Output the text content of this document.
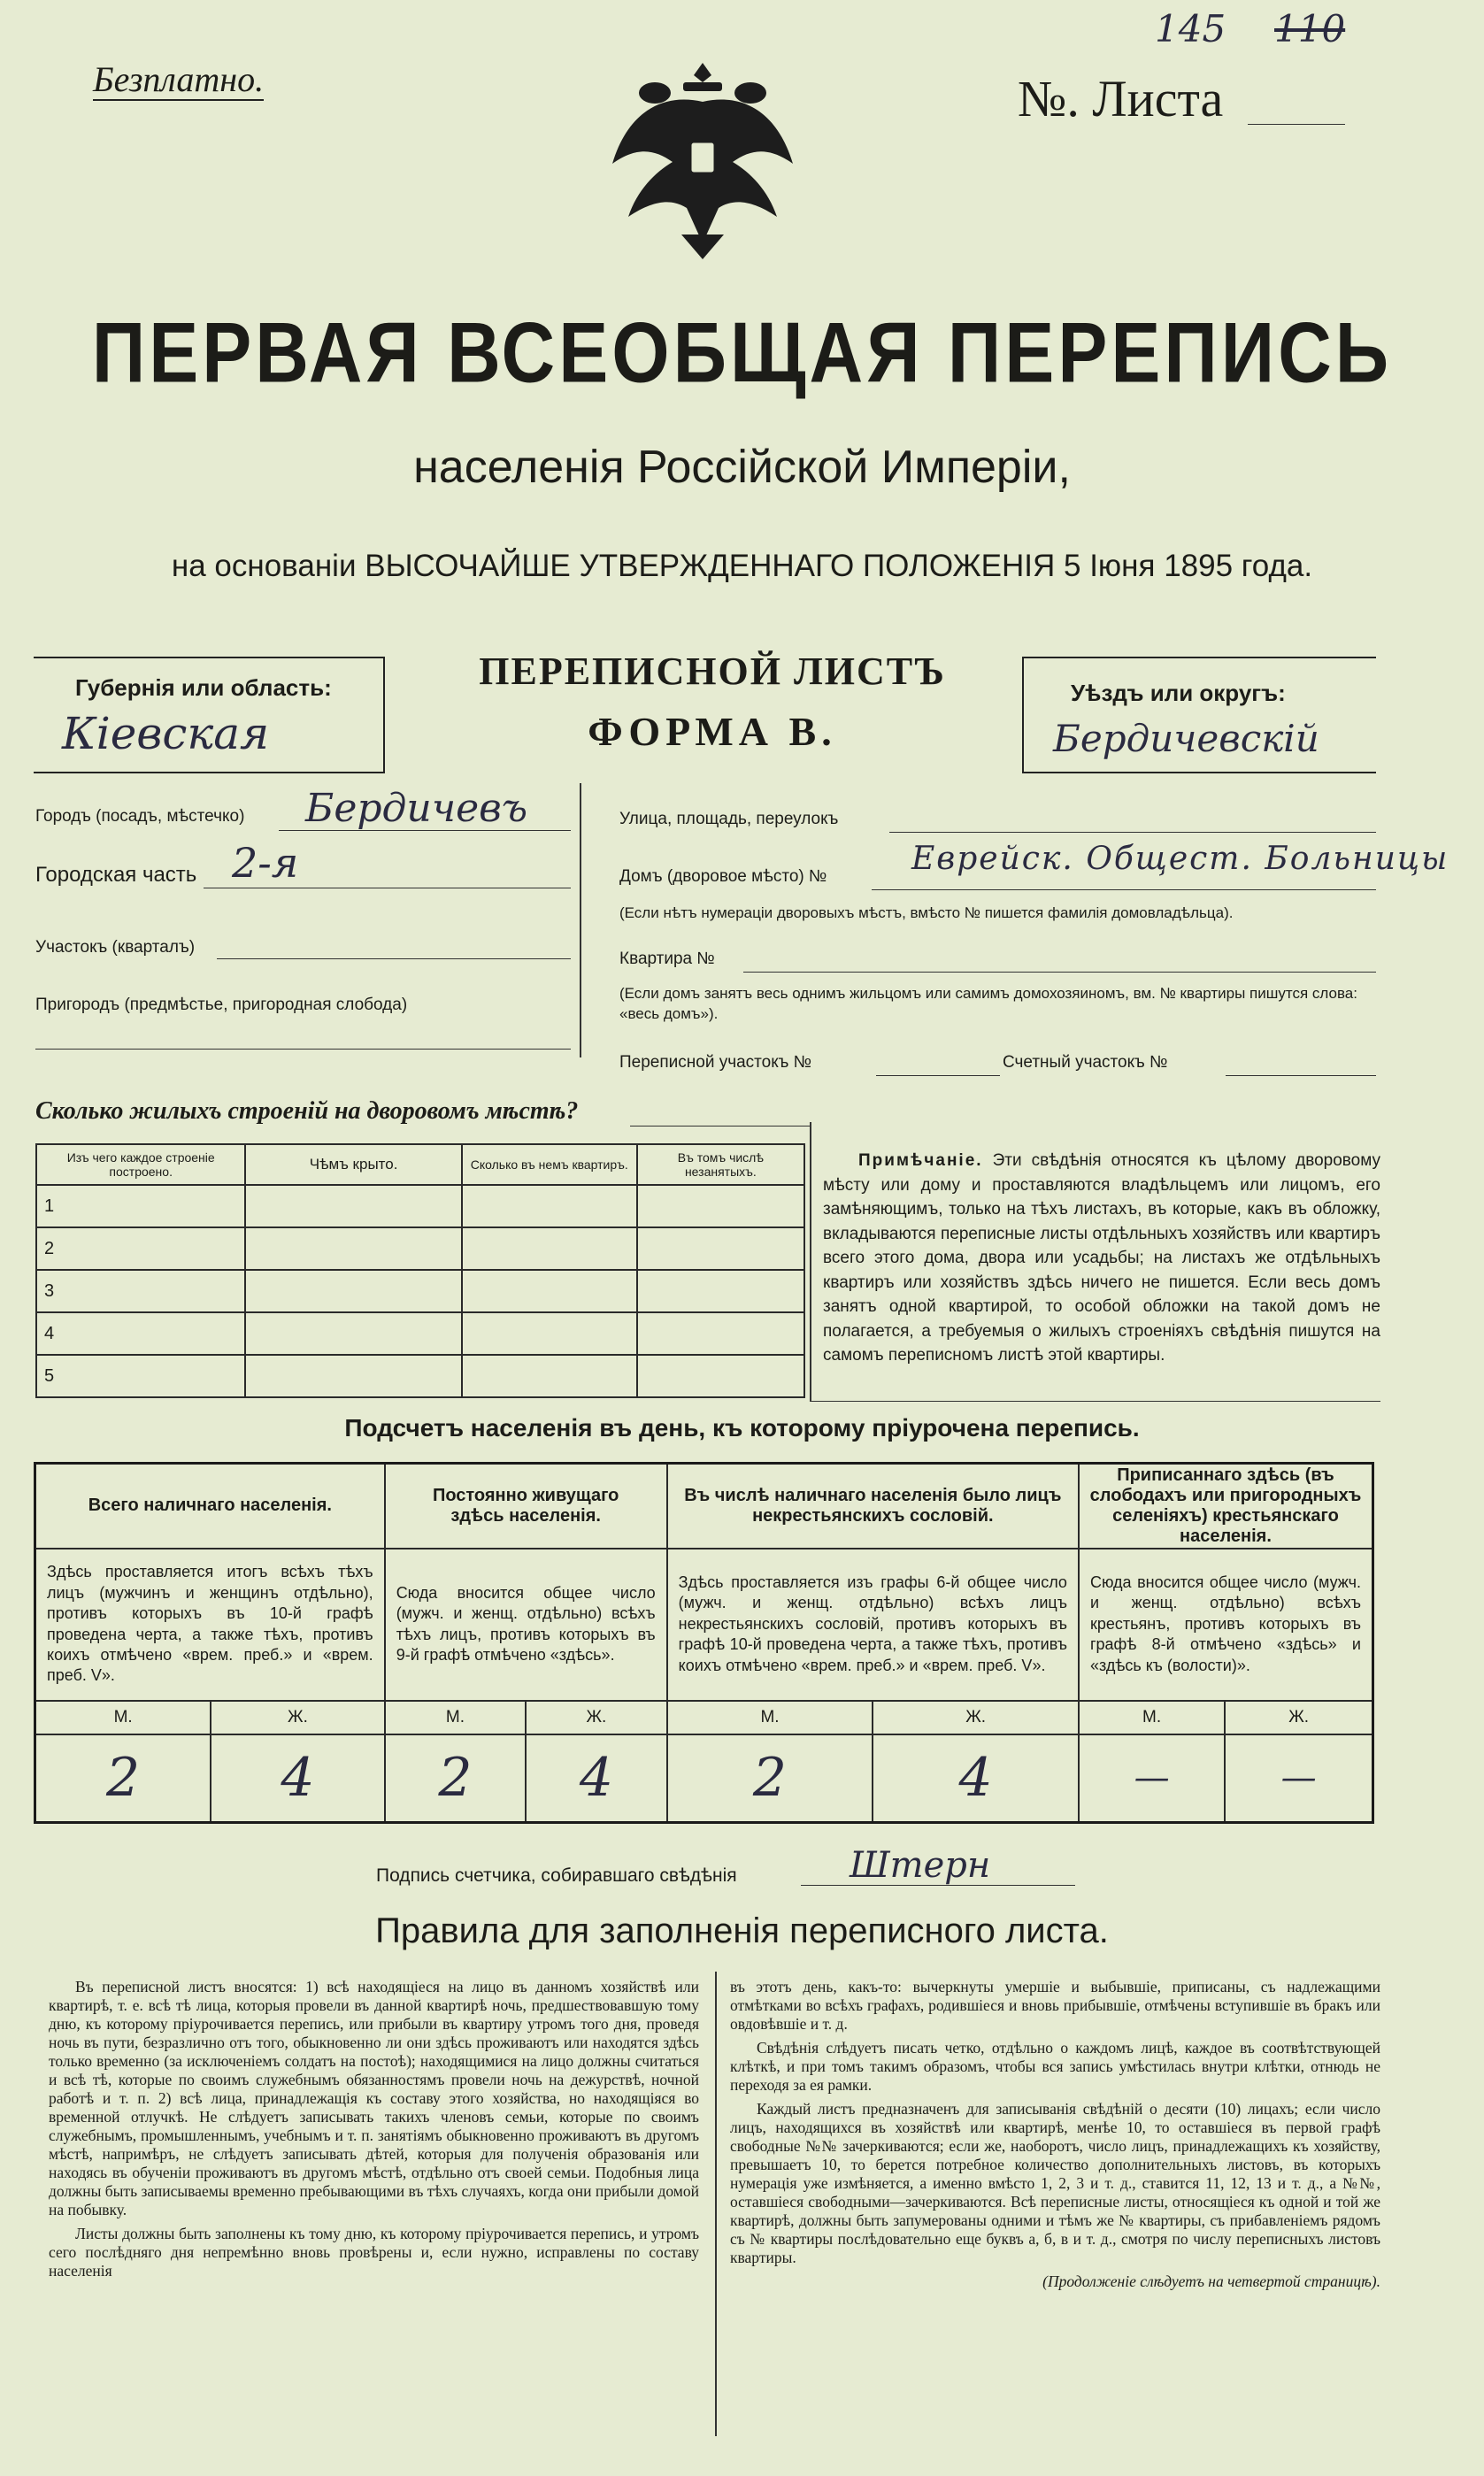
Безплатно.	№. Листа
145 110
ПЕРВАЯ ВСЕОБЩАЯ ПЕРЕПИСЬ
населенія Россійской Имперіи,
на основаніи ВЫСОЧАЙШЕ УТВЕРЖДЕННАГО ПОЛОЖЕНІЯ 5 Іюня 1895 года.
Губернія или область:
Кіевская
ПЕРЕПИСНОЙ ЛИСТЪ
ФОРМА В.
Уѣздъ или округъ:
Бердичевскій
Городъ (посадъ, мѣстечко) Бердичевъ
Городская часть 2-я
Участокъ (кварталъ)
Пригородъ (предмѣстье, пригородная слобода)
Улица, площадь, переулокъ
Домъ (дворовое мѣсто) №	Еврейск. Общест. Больницы
(Если нѣтъ нумераціи дворовыхъ мѣстъ, вмѣсто № пишется фамилія домовладѣльца).
Квартира №
(Если домъ занятъ весь однимъ жильцомъ или самимъ домохозяиномъ, вм. № квартиры пишутся слова: «весь домъ»).
Переписной участокъ №	Счетный участокъ №
Сколько жилыхъ строеній на дворовомъ мѣстѣ?
Изъ чего каждое строеніе построено.	Чѣмъ крыто.	Сколько въ немъ квартиръ.	Въ томъ числѣ незанятыхъ.
1			
2			
3			
4			
5			
Примѣчаніе. Эти свѣдѣнія относятся къ цѣлому дворовому мѣсту или дому и проставляются владѣльцемъ или лицомъ, его замѣняющимъ, только на тѣхъ листахъ, въ которые, какъ въ обложку, вкладываются переписные листы отдѣльныхъ хозяйствъ или квартиръ всего этого дома, двора или усадьбы; на листахъ же отдѣльныхъ квартиръ или хозяйствъ здѣсь ничего не пишется. Если весь домъ занятъ одной квартирой, то особой обложки на такой домъ не полагается, а требуемыя о жилыхъ строеніяхъ свѣдѣнія пишутся на самомъ переписномъ листѣ этой квартиры.
Подсчетъ населенія въ день, къ которому пріурочена перепись.
Всего наличнаго населенія.		Постоянно живущаго здѣсь населенія.		Въ числѣ наличнаго населенія было лицъ некрестьянскихъ сословій.		Приписаннаго здѣсь (въ слободахъ или пригородныхъ селеніяхъ) крестьянскаго населенія.	
Здѣсь проставляется итогъ всѣхъ тѣхъ лицъ (мужчинъ и женщинъ отдѣльно), противъ которыхъ въ 10-й графѣ проведена черта, а также тѣхъ, противъ коихъ отмѣчено «врем. преб.» и «врем. преб. V».		Сюда вносится общее число (мужч. и женщ. отдѣльно) всѣхъ тѣхъ лицъ, противъ которыхъ въ 9-й графѣ отмѣчено «здѣсь».		Здѣсь проставляется изъ графы 6-й общее число (мужч. и женщ. отдѣльно) всѣхъ лицъ некрестьянскихъ сословій, противъ которыхъ въ графѣ 10-й проведена черта, а также тѣхъ, противъ коихъ отмѣчено «врем. преб.» и «врем. преб. V».		Сюда вносится общее число (мужч. и женщ. отдѣльно) всѣхъ крестьянъ, противъ которыхъ въ графѣ 8-й отмѣчено «здѣсь» и «здѣсь къ (волости)».	
М.	Ж.	М.	Ж.	М.	Ж.	М.	Ж.
2	4	2	4	2	4	—	—
Подпись счетчика, собиравшаго свѣдѣнія	Штерн
Правила для заполненія переписного листа.

Въ переписной листъ вносятся: 1) всѣ находящіеся на лицо въ данномъ хозяйствѣ или квартирѣ, т. е. всѣ тѣ лица, которыя провели въ данной квартирѣ ночь, предшествовавшую тому дню, къ которому пріурочивается перепись, или прибыли въ квартиру утромъ того дня, проведя ночь въ пути, безразлично отъ того, обыкновенно ли они здѣсь проживаютъ или находятся здѣсь только временно (за исключеніемъ солдатъ на постоѣ); находящимися на лицо должны считаться и всѣ тѣ, которые по своимъ служебнымъ обязанностямъ провели ночь на дежурствѣ, ночной работѣ и т. п. 2) всѣ лица, принадлежащія къ составу этого хозяйства, но находящіяся во временной отлучкѣ. Не слѣдуетъ записывать такихъ членовъ семьи, которые по своимъ служебнымъ, промышленнымъ, учебнымъ и т. п. занятіямъ обыкновенно проживаютъ въ другомъ мѣстѣ, напримѣръ, не слѣдуетъ записывать дѣтей, которыя для полученія образованія или находясь въ обученіи проживаютъ въ другомъ мѣстѣ, отдѣльно отъ своей семьи. Подобныя лица должны быть записываемы временно пребывающими въ тѣхъ случаяхъ, когда они прибыли домой на побывку.

Листы должны быть заполнены къ тому дню, къ которому пріурочивается перепись, и утромъ сего послѣдняго дня непремѣнно вновь провѣрены и, если нужно, исправлены по составу населенія

въ этотъ день, какъ-то: вычеркнуты умершіе и выбывшіе, приписаны, съ надлежащими отмѣтками во всѣхъ графахъ, родившіеся и вновь прибывшіе, отмѣчены вступившіе въ бракъ или овдовѣвшіе и т. д.

Свѣдѣнія слѣдуетъ писать четко, отдѣльно о каждомъ лицѣ, каждое въ соотвѣтствующей клѣткѣ, и при томъ такимъ образомъ, чтобы вся запись умѣстилась внутри клѣтки, отнюдь не переходя за ея рамки.

Каждый листъ предназначенъ для записыванія свѣдѣній о десяти (10) лицахъ; если число лицъ, находящихся въ хозяйствѣ или квартирѣ, менѣе 10, то оставшіеся въ первой графѣ свободные №№ зачеркиваются; если же, наоборотъ, число лицъ, принадлежащихъ къ хозяйству, превышаетъ 10, то берется потребное количество дополнительныхъ листовъ, въ которыхъ нумерація уже измѣняется, а именно вмѣсто 1, 2, 3 и т. д., ставится 11, 12, 13 и т. д., а №№, оставшіеся свободными—зачеркиваются. Всѣ переписные листы, относящіеся къ одной и той же квартирѣ, должны быть запумерованы одними и тѣмъ же № квартиры, съ прибавленіемъ рядомъ съ № квартиры послѣдовательно еще буквъ а, б, в и т. д., смотря по числу переписныхъ листовъ квартиры.

(Продолженіе слѣдуетъ на четвертой страницѣ).
